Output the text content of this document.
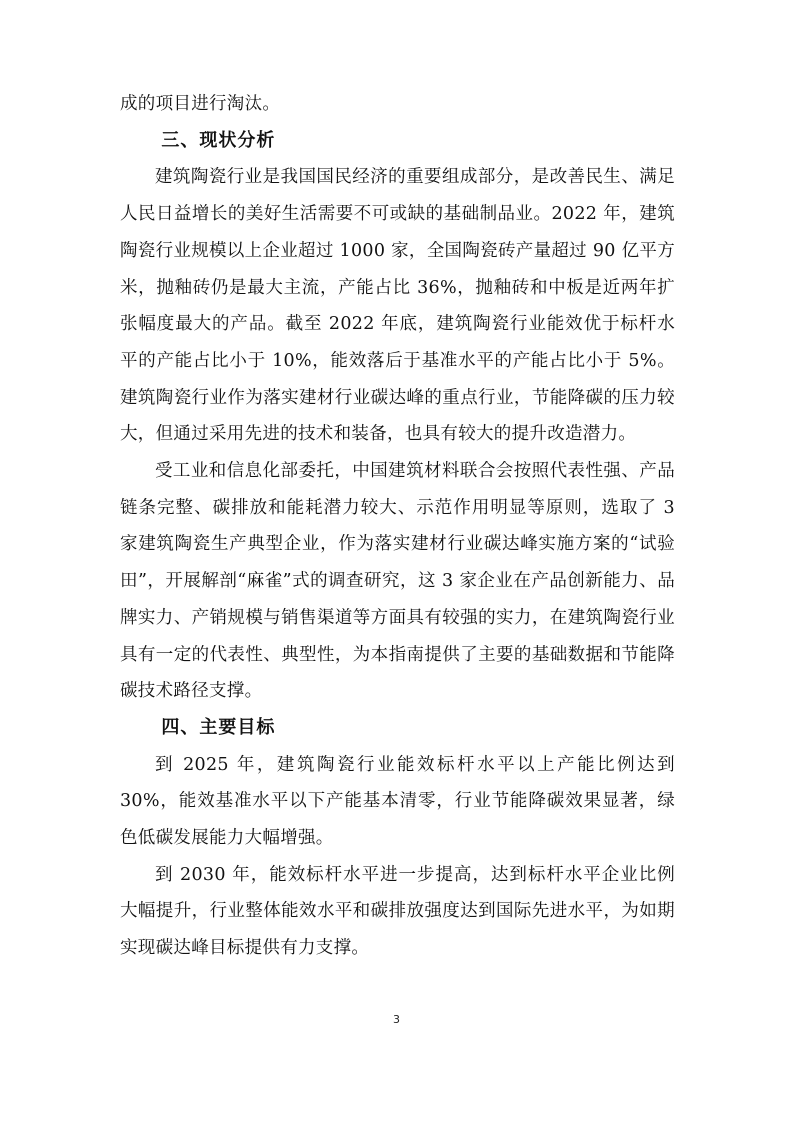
成的项目进行淘汰。

三、现状分析

建筑陶瓷行业是我国国民经济的重要组成部分，是改善民生、满足人民日益增长的美好生活需要不可或缺的基础制品业。2022 年，建筑陶瓷行业规模以上企业超过 1000 家，全国陶瓷砖产量超过 90 亿平方米，抛釉砖仍是最大主流，产能占比 36%，抛釉砖和中板是近两年扩张幅度最大的产品。截至 2022 年底，建筑陶瓷行业能效优于标杆水平的产能占比小于 10%，能效落后于基准水平的产能占比小于 5%。建筑陶瓷行业作为落实建材行业碳达峰的重点行业，节能降碳的压力较大，但通过采用先进的技术和装备，也具有较大的提升改造潜力。

受工业和信息化部委托，中国建筑材料联合会按照代表性强、产品链条完整、碳排放和能耗潜力较大、示范作用明显等原则，选取了 3 家建筑陶瓷生产典型企业，作为落实建材行业碳达峰实施方案的“试验田”，开展解剖“麻雀”式的调查研究，这 3 家企业在产品创新能力、品牌实力、产销规模与销售渠道等方面具有较强的实力，在建筑陶瓷行业具有一定的代表性、典型性，为本指南提供了主要的基础数据和节能降碳技术路径支撑。

四、主要目标

到 2025 年，建筑陶瓷行业能效标杆水平以上产能比例达到 30%，能效基准水平以下产能基本清零，行业节能降碳效果显著，绿色低碳发展能力大幅增强。

到 2030 年，能效标杆水平进一步提高，达到标杆水平企业比例大幅提升，行业整体能效水平和碳排放强度达到国际先进水平，为如期实现碳达峰目标提供有力支撑。

3
